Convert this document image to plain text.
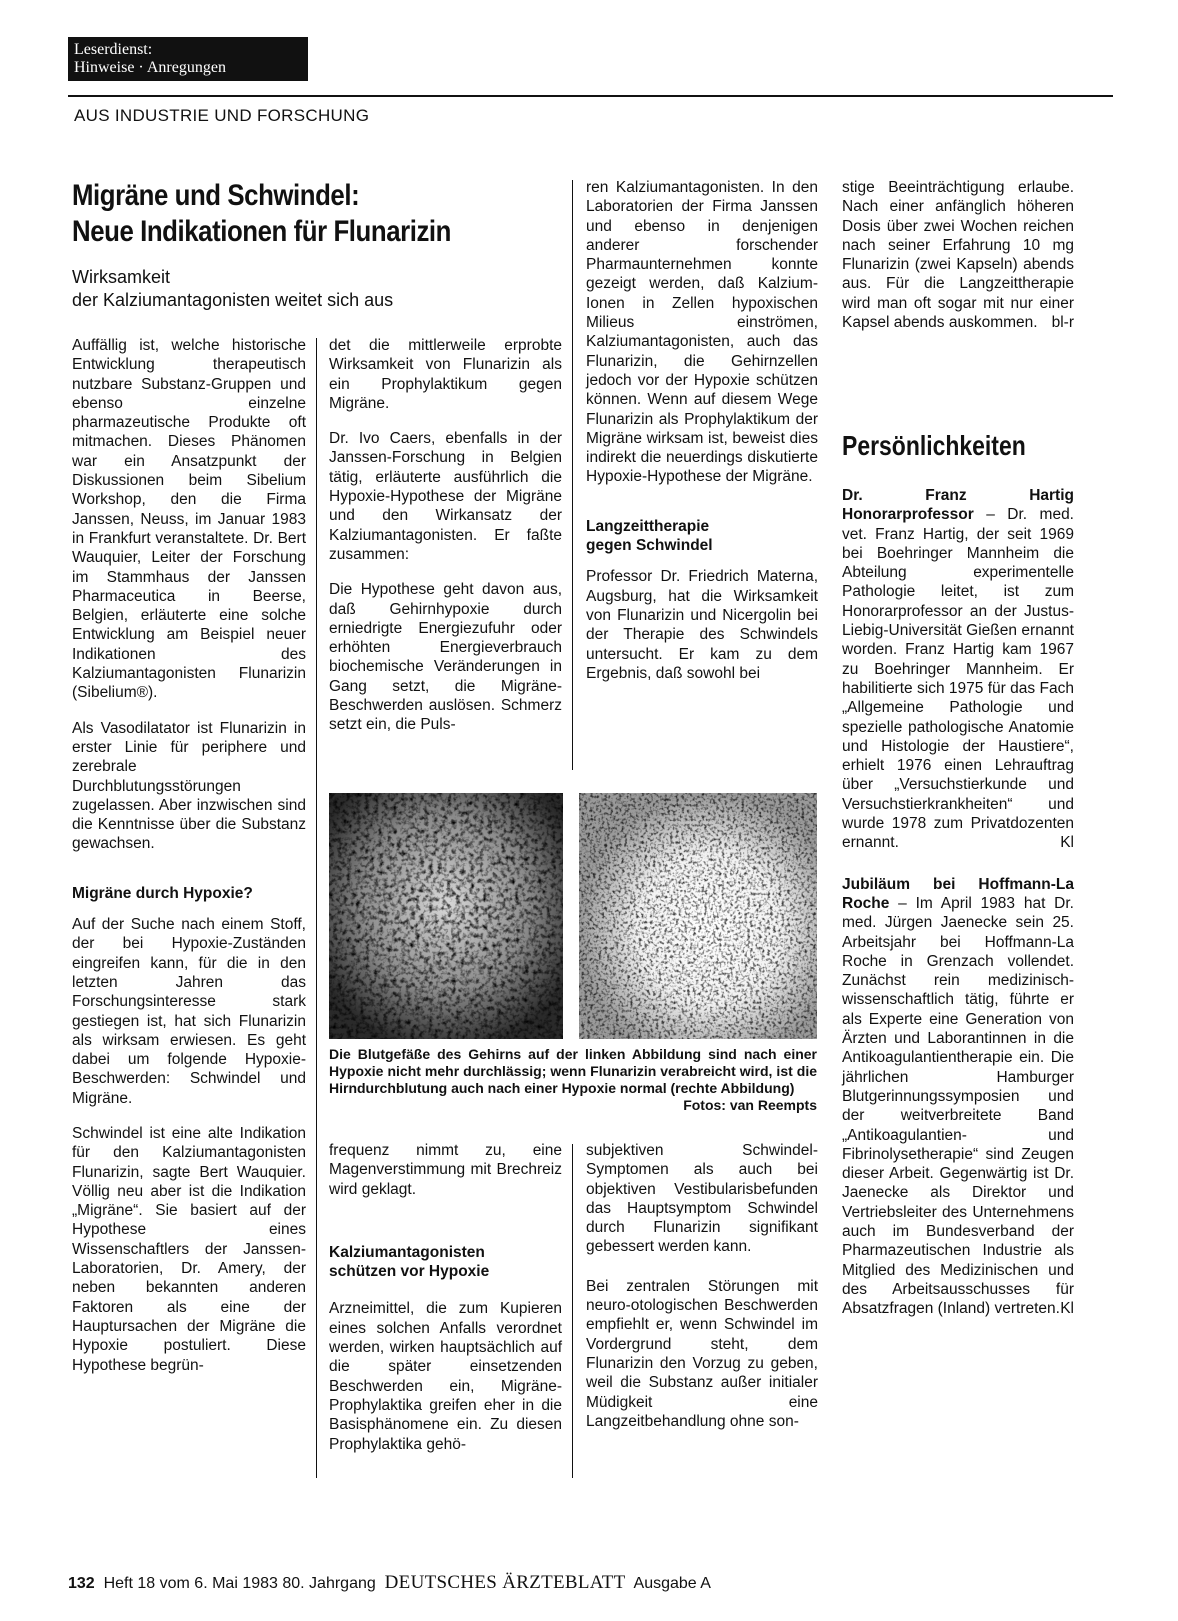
Leserdienst:
Hinweise · Anregungen
AUS INDUSTRIE UND FORSCHUNG
Migräne und Schwindel:
Neue Indikationen für Flunarizin
Wirksamkeit
der Kalziumantagonisten weitet sich aus

Auffällig ist, welche historische Entwicklung therapeutisch nutzbare Substanz-Gruppen und ebenso einzelne pharmazeutische Produkte oft mitmachen. Dieses Phänomen war ein Ansatzpunkt der Diskussionen beim Sibelium Workshop, den die Firma Janssen, Neuss, im Januar 1983 in Frankfurt veranstaltete. Dr. Bert Wauquier, Leiter der Forschung im Stammhaus der Janssen Pharmaceutica in Beerse, Belgien, erläuterte eine solche Entwicklung am Beispiel neuer Indikationen des Kalziumantagonisten Flunarizin (Sibelium®).

Als Vasodilatator ist Flunarizin in erster Linie für periphere und zerebrale Durchblutungsstörungen zugelassen. Aber inzwischen sind die Kenntnisse über die Substanz gewachsen.

Migräne durch Hypoxie?

Auf der Suche nach einem Stoff, der bei Hypoxie-Zuständen eingreifen kann, für die in den letzten Jahren das Forschungsinteresse stark gestiegen ist, hat sich Flunarizin als wirksam erwiesen. Es geht dabei um folgende Hypoxie-Beschwerden: Schwindel und Migräne.

Schwindel ist eine alte Indikation für den Kalziumantagonisten Flunarizin, sagte Bert Wauquier. Völlig neu aber ist die Indikation „Migräne“. Sie basiert auf der Hypothese eines Wissenschaftlers der Janssen-Laboratorien, Dr. Amery, der neben bekannten anderen Faktoren als eine der Hauptursachen der Migräne die Hypoxie postuliert. Diese Hypothese begrün-

det die mittlerweile erprobte Wirksamkeit von Flunarizin als ein Prophylaktikum gegen Migräne.

Dr. Ivo Caers, ebenfalls in der Janssen-Forschung in Belgien tätig, erläuterte ausführlich die Hypoxie-Hypothese der Migräne und den Wirkansatz der Kalziumantagonisten. Er faßte zusammen:

Die Hypothese geht davon aus, daß Gehirnhypoxie durch erniedrigte Energiezufuhr oder erhöhten Energieverbrauch biochemische Veränderungen in Gang setzt, die Migräne-Beschwerden auslösen. Schmerz setzt ein, die Puls-

ren Kalziumantagonisten. In den Laboratorien der Firma Janssen und ebenso in denjenigen anderer forschender Pharmaunternehmen konnte gezeigt werden, daß Kalzium-Ionen in Zellen hypoxischen Milieus einströmen, Kalziumantagonisten, auch das Flunarizin, die Gehirnzellen jedoch vor der Hypoxie schützen können. Wenn auf diesem Wege Flunarizin als Prophylaktikum der Migräne wirksam ist, beweist dies indirekt die neuerdings diskutierte Hypoxie-Hypothese der Migräne.

Langzeittherapie
gegen Schwindel

Professor Dr. Friedrich Materna, Augsburg, hat die Wirksamkeit von Flunarizin und Nicergolin bei der Therapie des Schwindels untersucht. Er kam zu dem Ergebnis, daß sowohl bei

Die Blutgefäße des Gehirns auf der linken Abbildung sind nach einer Hypoxie nicht mehr durchlässig; wenn Flunarizin verabreicht wird, ist die Hirndurchblutung auch nach einer Hypoxie normal (rechte Abbildung)
Fotos: van Reempts

frequenz nimmt zu, eine Magenverstimmung mit Brechreiz wird geklagt.

Kalziumantagonisten
schützen vor Hypoxie

Arzneimittel, die zum Kupieren eines solchen Anfalls verordnet werden, wirken hauptsächlich auf die später einsetzenden Beschwerden ein, Migräne-Prophylaktika greifen eher in die Basisphänomene ein. Zu diesen Prophylaktika gehö-

subjektiven Schwindel-Symptomen als auch bei objektiven Vestibularisbefunden das Hauptsymptom Schwindel durch Flunarizin signifikant gebessert werden kann.

Bei zentralen Störungen mit neuro-otologischen Beschwerden empfiehlt er, wenn Schwindel im Vordergrund steht, dem Flunarizin den Vorzug zu geben, weil die Substanz außer initialer Müdigkeit eine Langzeitbehandlung ohne son-

stige Beeinträchtigung erlaube. Nach einer anfänglich höheren Dosis über zwei Wochen reichen nach seiner Erfahrung 10 mg Flunarizin (zwei Kapseln) abends aus. Für die Langzeittherapie wird man oft sogar mit nur einer Kapsel abends auskommen. bl-r

Persönlichkeiten

Dr. Franz Hartig Honorarprofessor – Dr. med. vet. Franz Hartig, der seit 1969 bei Boehringer Mannheim die Abteilung experimentelle Pathologie leitet, ist zum Honorarprofessor an der Justus-Liebig-Universität Gießen ernannt worden. Franz Hartig kam 1967 zu Boehringer Mannheim. Er habilitierte sich 1975 für das Fach „Allgemeine Pathologie und spezielle pathologische Anatomie und Histologie der Haustiere“, erhielt 1976 einen Lehrauftrag über „Versuchstierkunde und Versuchstierkrankheiten“ und wurde 1978 zum Privatdozenten ernannt.	Kl

Jubiläum bei Hoffmann-La Roche – Im April 1983 hat Dr. med. Jürgen Jaenecke sein 25. Arbeitsjahr bei Hoffmann-La Roche in Grenzach vollendet. Zunächst rein medizinisch-wissenschaftlich tätig, führte er als Experte eine Generation von Ärzten und Laborantinnen in die Antikoagulantientherapie ein. Die jährlichen Hamburger Blutgerinnungssymposien und der weitverbreitete Band „Antikoagulantien- und Fibrinolysetherapie“ sind Zeugen dieser Arbeit. Gegenwärtig ist Dr. Jaenecke als Direktor und Vertriebsleiter des Unternehmens auch im Bundesverband der Pharmazeutischen Industrie als Mitglied des Medizinischen und des Arbeitsausschusses für Absatzfragen (Inland) vertreten. Kl

132 Heft 18 vom 6. Mai 1983 80. Jahrgang DEUTSCHES ÄRZTEBLATT Ausgabe A
